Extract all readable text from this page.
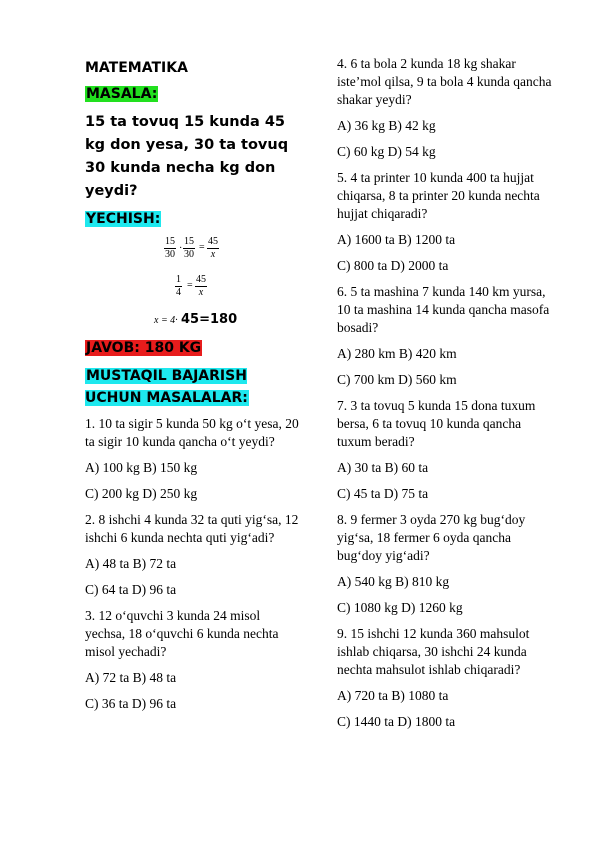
MATEMATIKA
MASALA:
15 ta tovuq 15 kunda 45 kg don yesa, 30 ta tovuq 30 kunda necha kg don yeydi?
YECHISH:
$\frac{15}{30} \cdot \frac{15}{30} = \frac{45}{x}$
$\frac{1}{4} = \frac{45}{x}$
x = 4· 45=180
JAVOB: 180 KG
MUSTAQIL BAJARISH UCHUN MASALALAR:

1. 10 ta sigir 5 kunda 50 kg o‘t yesa, 20 ta sigir 10 kunda qancha o‘t yeydi?

A) 100 kg B) 150 kg

C) 200 kg D) 250 kg

2. 8 ishchi 4 kunda 32 ta quti yig‘sa, 12 ishchi 6 kunda nechta quti yig‘adi?

A) 48 ta B) 72 ta

C) 64 ta D) 96 ta

3. 12 o‘quvchi 3 kunda 24 misol yechsa, 18 o‘quvchi 6 kunda nechta misol yechadi?

A) 72 ta B) 48 ta

C) 36 ta D) 96 ta

4. 6 ta bola 2 kunda 18 kg shakar iste’mol qilsa, 9 ta bola 4 kunda qancha shakar yeydi?

A) 36 kg B) 42 kg

C) 60 kg D) 54 kg

5. 4 ta printer 10 kunda 400 ta hujjat chiqarsa, 8 ta printer 20 kunda nechta hujjat chiqaradi?

A) 1600 ta B) 1200 ta

C) 800 ta D) 2000 ta

6. 5 ta mashina 7 kunda 140 km yursa, 10 ta mashina 14 kunda qancha masofa bosadi?

A) 280 km B) 420 km

C) 700 km D) 560 km

7. 3 ta tovuq 5 kunda 15 dona tuxum bersa, 6 ta tovuq 10 kunda qancha tuxum beradi?

A) 30 ta B) 60 ta

C) 45 ta D) 75 ta

8. 9 fermer 3 oyda 270 kg bug‘doy yig‘sa, 18 fermer 6 oyda qancha bug‘doy yig‘adi?

A) 540 kg B) 810 kg

C) 1080 kg D) 1260 kg

9. 15 ishchi 12 kunda 360 mahsulot ishlab chiqarsa, 30 ishchi 24 kunda nechta mahsulot ishlab chiqaradi?

A) 720 ta B) 1080 ta

C) 1440 ta D) 1800 ta
